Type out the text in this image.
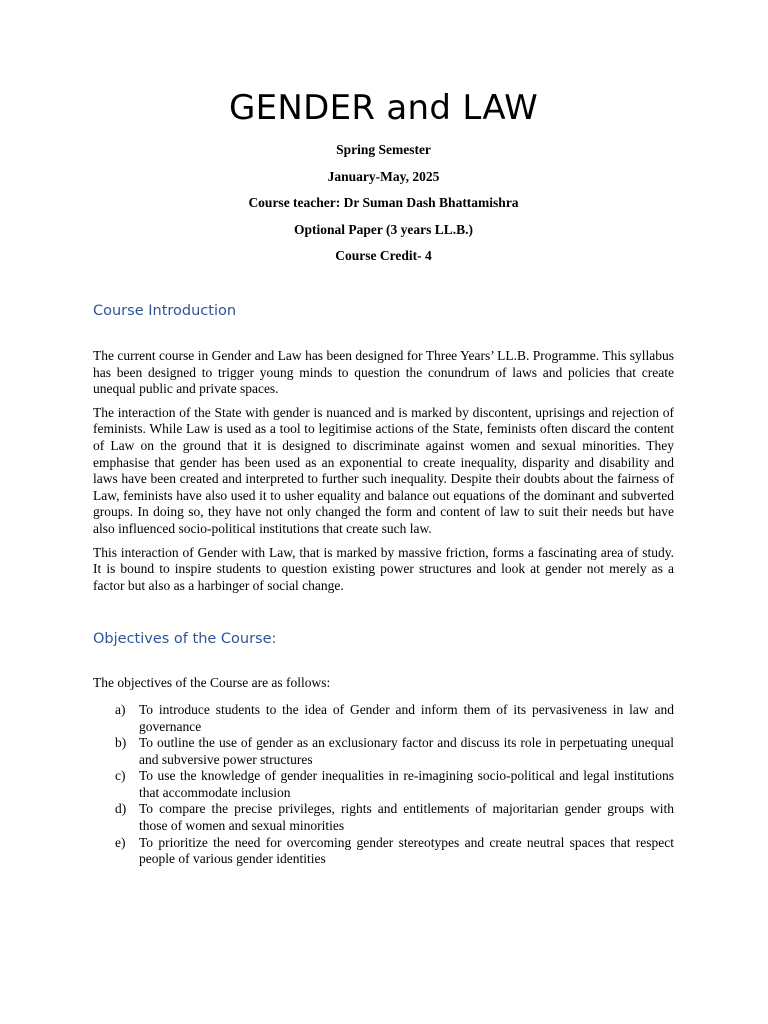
GENDER and LAW
Spring Semester
January-May, 2025
Course teacher: Dr Suman Dash Bhattamishra
Optional Paper (3 years LL.B.)
Course Credit- 4
Course Introduction

The current course in Gender and Law has been designed for Three Years’ LL.B. Programme. This syllabus has been designed to trigger young minds to question the conundrum of laws and policies that create unequal public and private spaces.

The interaction of the State with gender is nuanced and is marked by discontent, uprisings and rejection of feminists. While Law is used as a tool to legitimise actions of the State, feminists often discard the content of Law on the ground that it is designed to discriminate against women and sexual minorities. They emphasise that gender has been used as an exponential to create inequality, disparity and disability and laws have been created and interpreted to further such inequality. Despite their doubts about the fairness of Law, feminists have also used it to usher equality and balance out equations of the dominant and subverted groups. In doing so, they have not only changed the form and content of law to suit their needs but have also influenced socio-political institutions that create such law.

This interaction of Gender with Law, that is marked by massive friction, forms a fascinating area of study. It is bound to inspire students to question existing power structures and look at gender not merely as a factor but also as a harbinger of social change.

Objectives of the Course:

The objectives of the Course are as follows:

a) To introduce students to the idea of Gender and inform them of its pervasiveness in law and governance
b) To outline the use of gender as an exclusionary factor and discuss its role in perpetuating unequal and subversive power structures
c) To use the knowledge of gender inequalities in re-imagining socio-political and legal institutions that accommodate inclusion
d) To compare the precise privileges, rights and entitlements of majoritarian gender groups with those of women and sexual minorities
e) To prioritize the need for overcoming gender stereotypes and create neutral spaces that respect people of various gender identities
